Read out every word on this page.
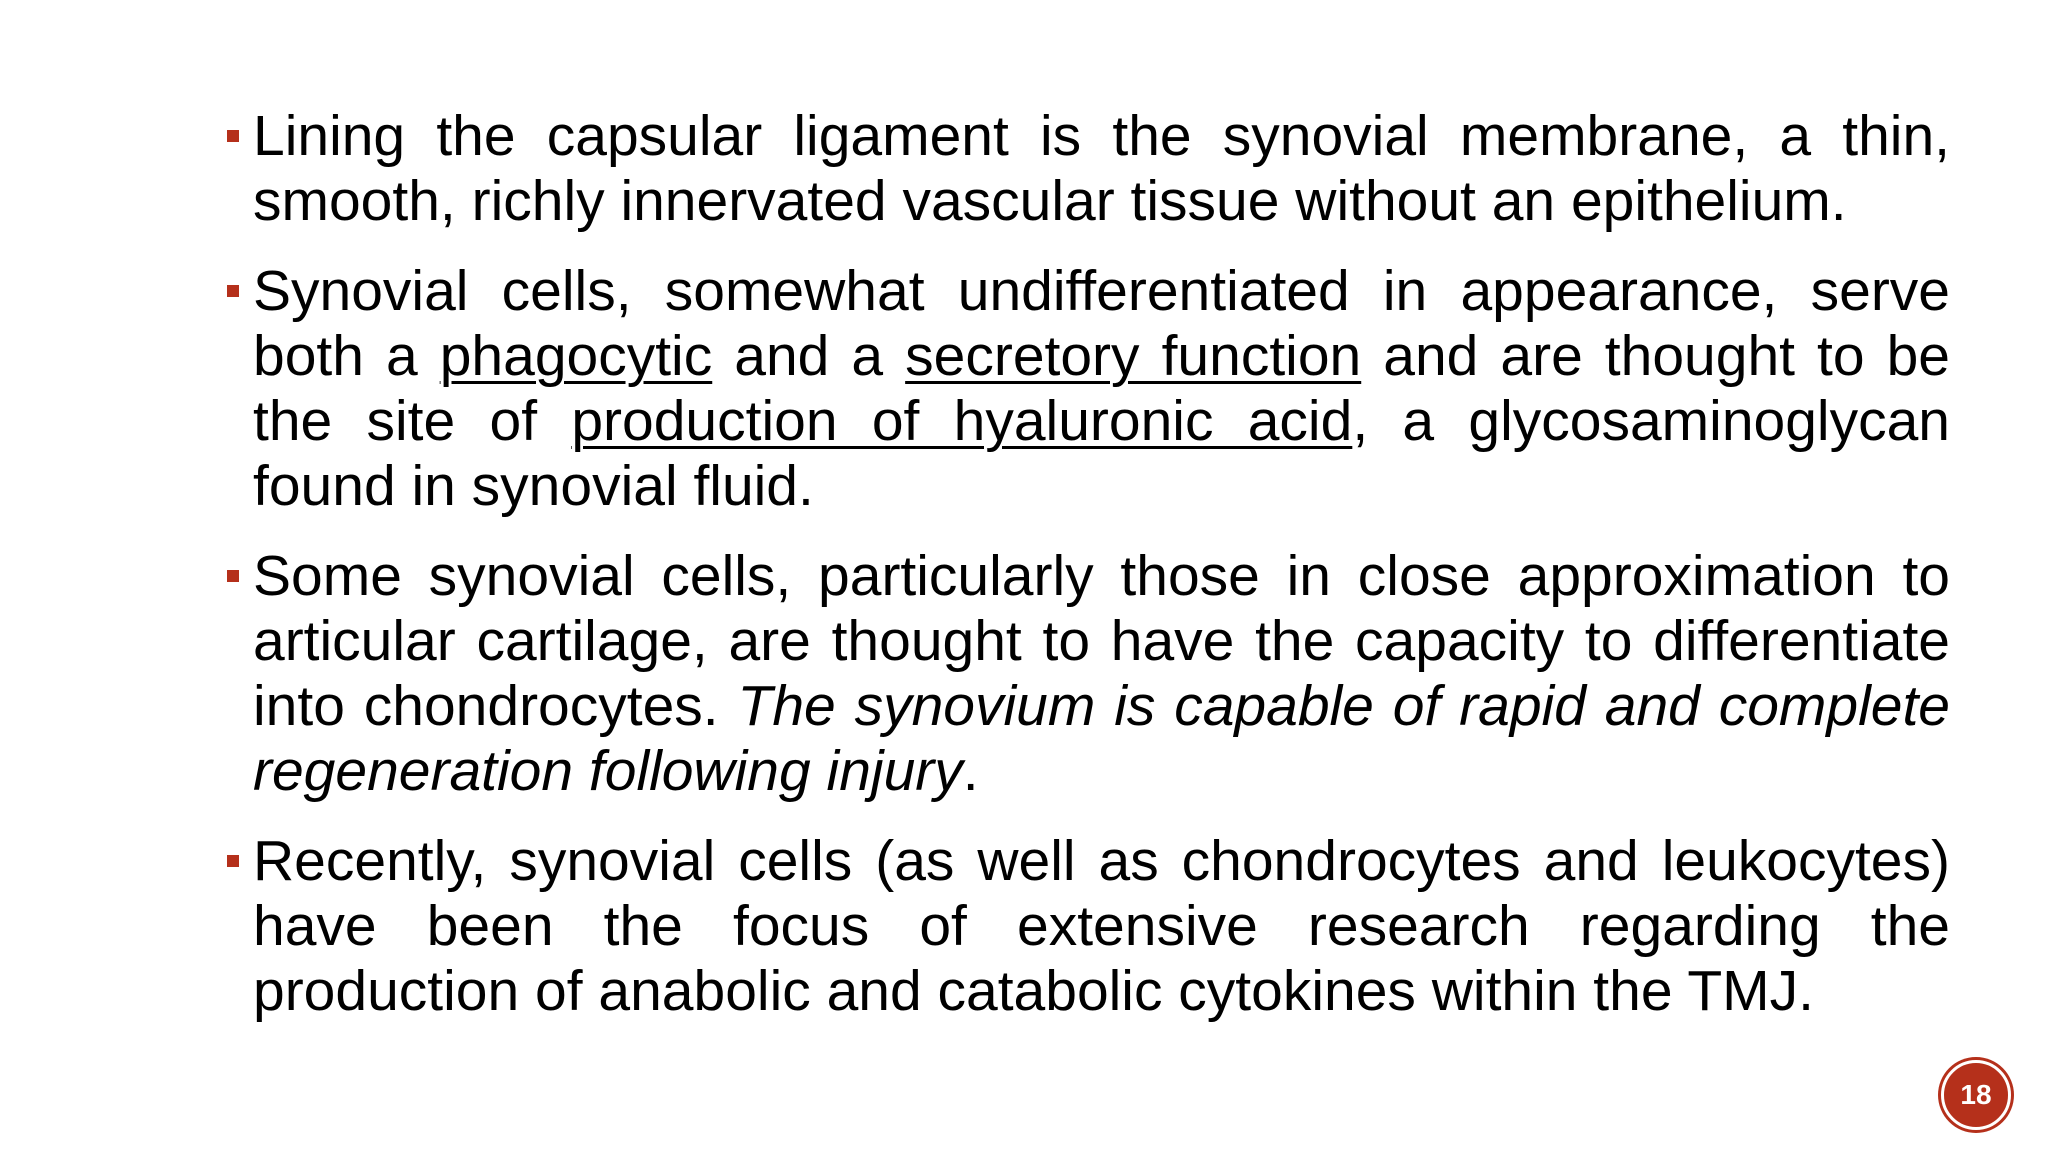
Lining the capsular ligament is the synovial membrane, a thin, smooth, richly innervated vascular tissue without an epithelium.
Synovial cells, somewhat undifferentiated in appearance, serve both a phagocytic and a secretory function and are thought to be the site of production of hyaluronic acid, a glycosaminoglycan found in synovial fluid.
Some synovial cells, particularly those in close approximation to articular cartilage, are thought to have the capacity to differentiate into chondrocytes. The synovium is capable of rapid and complete regeneration following injury.
Recently, synovial cells (as well as chondrocytes and leukocytes) have been the focus of extensive research regarding the production of anabolic and catabolic cytokines within the TMJ.
18
